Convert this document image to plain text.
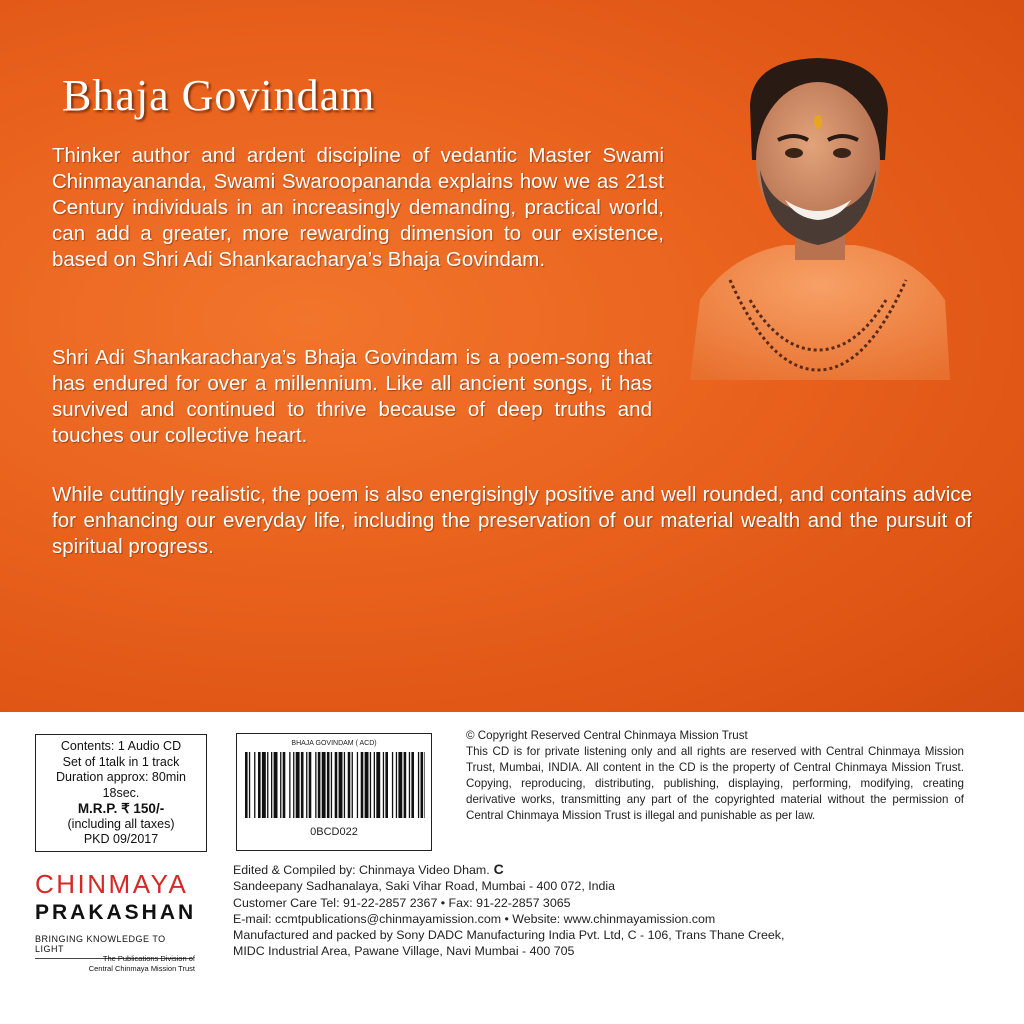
Bhaja Govindam

Thinker author and ardent discipline of vedantic Master Swami Chinmayananda, Swami Swaroopananda explains how we as 21st Century individuals in an increasingly demanding, practical world, can add a greater, more rewarding dimension to our existence, based on Shri Adi Shankaracharya’s Bhaja Govindam.

Shri Adi Shankaracharya’s Bhaja Govindam is a poem-song that has endured for over a millennium. Like all ancient songs, it has survived and continued to thrive because of deep truths and touches our collective heart.

While cuttingly realistic, the poem is also energisingly positive and well rounded, and contains advice for enhancing our everyday life, including the preservation of our material wealth and the pursuit of spiritual progress.

Contents: 1 Audio CD
Set of 1talk in 1 track
Duration approx: 80min 18sec.
M.R.P. ₹ 150/-
(including all taxes)
PKD 09/2017
BHAJA GOVINDAM ( ACD)
0BCD022
© Copyright Reserved Central Chinmaya Mission Trust
This CD is for private listening only and all rights are reserved with Central Chinmaya Mission Trust, Mumbai, INDIA. All content in the CD is the property of Central Chinmaya Mission Trust. Copying, reproducing, distributing, publishing, displaying, performing, modifying, creating derivative works, transmitting any part of the copyrighted material without the permission of Central Chinmaya Mission Trust is illegal and punishable as per law.
CHINMAYA
PRAKASHAN
BRINGING KNOWLEDGE TO LIGHT
The Publications Division of
Central Chinmaya Mission Trust
Edited & Compiled by: Chinmaya Video Dham. C
Sandeepany Sadhanalaya, Saki Vihar Road, Mumbai - 400 072, India
Customer Care Tel: 91-22-2857 2367 • Fax: 91-22-2857 3065
E-mail: ccmtpublications@chinmayamission.com • Website: www.chinmayamission.com
Manufactured and packed by Sony DADC Manufacturing India Pvt. Ltd, C - 106, Trans Thane Creek,
MIDC Industrial Area, Pawane Village, Navi Mumbai - 400 705
